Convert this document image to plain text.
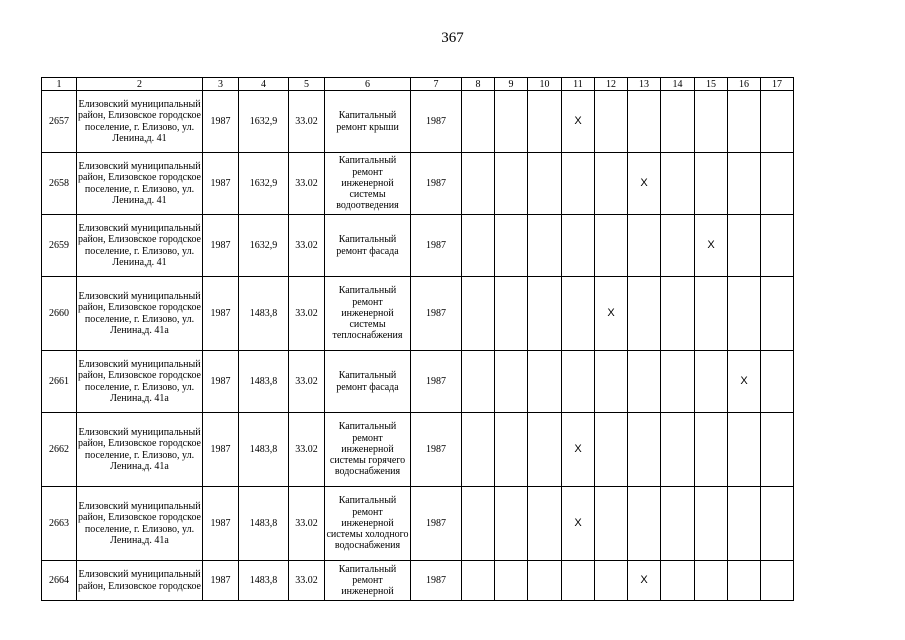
367
1	2	3	4	5	6	7	8	9	10	11	12	13	14	15	16	17
2657	Елизовский муниципальный район, Елизовское городское поселение, г. Елизово, ул. Ленина,д. 41	1987	1632,9	33.02	Капитальный ремонт крыши	1987				X						
2658	Елизовский муниципальный район, Елизовское городское поселение, г. Елизово, ул. Ленина,д. 41	1987	1632,9	33.02	Капитальный ремонт инженерной системы водоотведения	1987						X				
2659	Елизовский муниципальный район, Елизовское городское поселение, г. Елизово, ул. Ленина,д. 41	1987	1632,9	33.02	Капитальный ремонт фасада	1987								X		
2660	Елизовский муниципальный район, Елизовское городское поселение, г. Елизово, ул. Ленина,д. 41а	1987	1483,8	33.02	Капитальный ремонт инженерной системы теплоснабжения	1987					X					
2661	Елизовский муниципальный район, Елизовское городское поселение, г. Елизово, ул. Ленина,д. 41а	1987	1483,8	33.02	Капитальный ремонт фасада	1987									X	
2662	Елизовский муниципальный район, Елизовское городское поселение, г. Елизово, ул. Ленина,д. 41а	1987	1483,8	33.02	Капитальный ремонт инженерной системы горячего водоснабжения	1987				X						
2663	Елизовский муниципальный район, Елизовское городское поселение, г. Елизово, ул. Ленина,д. 41а	1987	1483,8	33.02	Капитальный ремонт инженерной системы холодного водоснабжения	1987				X						
2664	Елизовский муниципальный район, Елизовское городское	1987	1483,8	33.02	Капитальный ремонт инженерной	1987						X				
